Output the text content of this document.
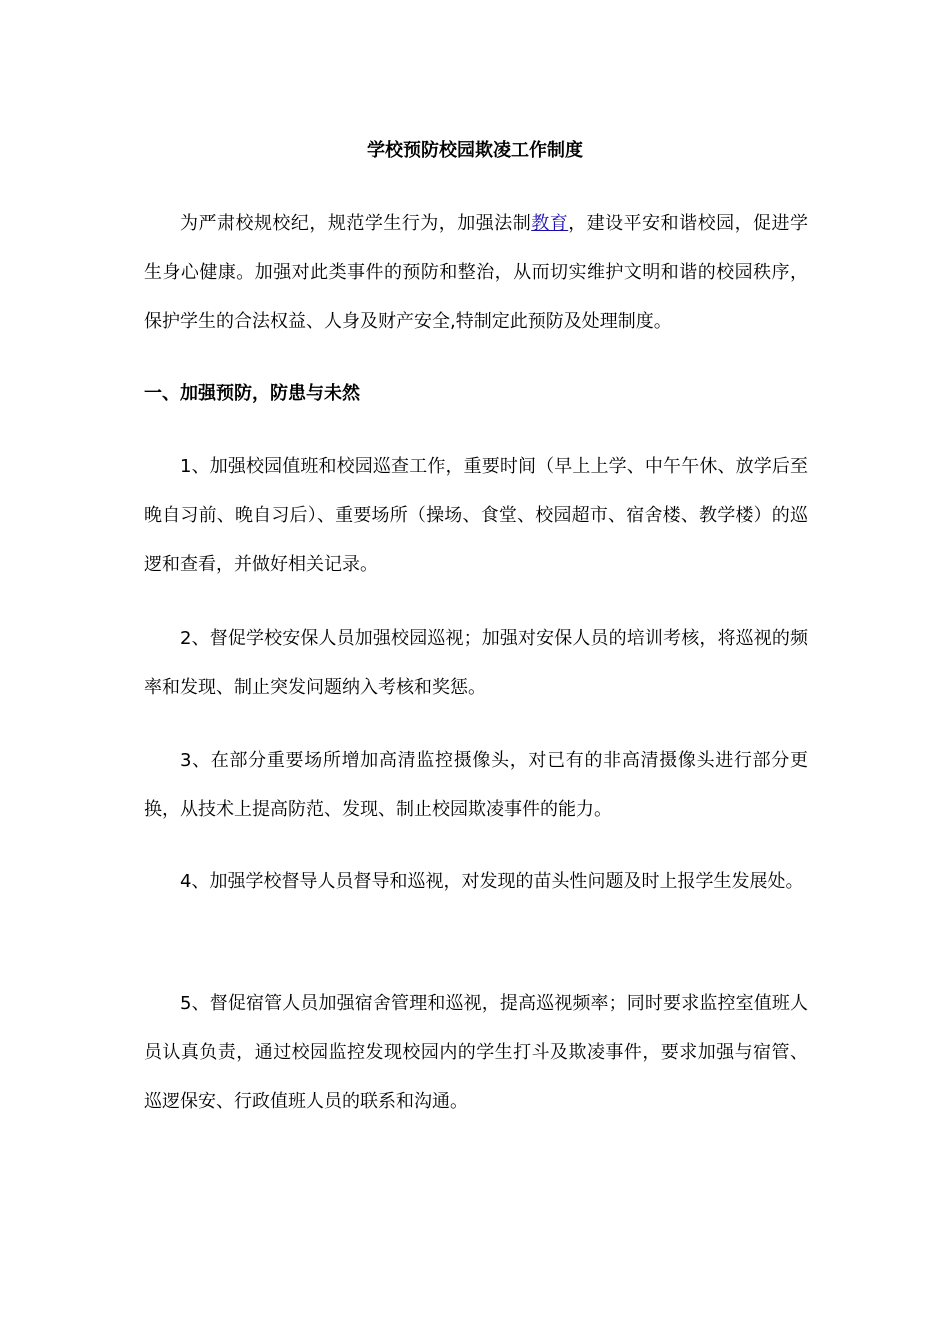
学校预防校园欺凌工作制度

为严肃校规校纪，规范学生行为，加强法制教育，建设平安和谐校园，促进学生身心健康。加强对此类事件的预防和整治，从而切实维护文明和谐的校园秩序，保护学生的合法权益、人身及财产安全,特制定此预防及处理制度。

一、加强预防，防患与未然

1、加强校园值班和校园巡查工作，重要时间（早上上学、中午午休、放学后至晚自习前、晚自习后）、重要场所（操场、食堂、校园超市、宿舍楼、教学楼）的巡逻和查看，并做好相关记录。

2、督促学校安保人员加强校园巡视；加强对安保人员的培训考核，将巡视的频率和发现、制止突发问题纳入考核和奖惩。

3、在部分重要场所增加高清监控摄像头，对已有的非高清摄像头进行部分更换，从技术上提高防范、发现、制止校园欺凌事件的能力。

4、加强学校督导人员督导和巡视，对发现的苗头性问题及时上报学生发展处。

5、督促宿管人员加强宿舍管理和巡视，提高巡视频率；同时要求监控室值班人员认真负责，通过校园监控发现校园内的学生打斗及欺凌事件，要求加强与宿管、巡逻保安、行政值班人员的联系和沟通。
